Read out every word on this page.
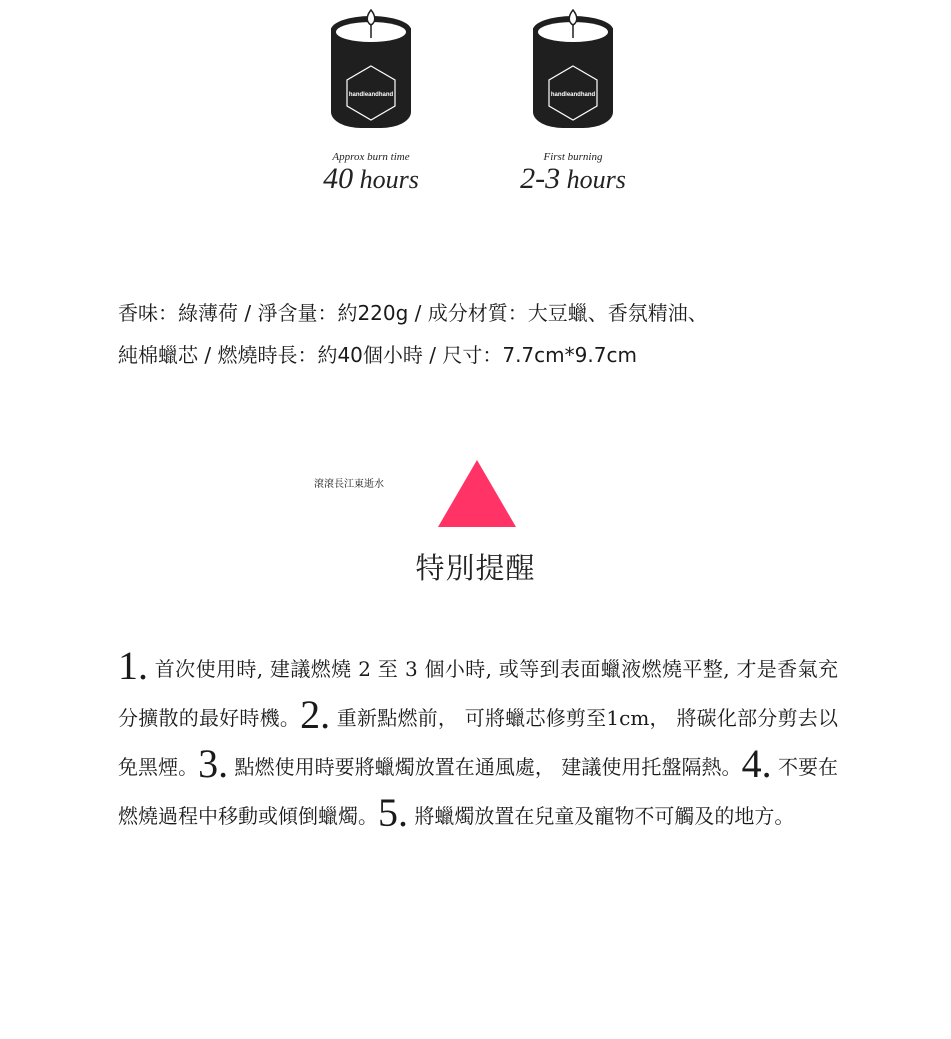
handleandhand
Approx burn time
40 hours
handleandhand
First burning
2-3 hours
香味：綠薄荷 / 淨含量：約220g / 成分材質：大豆蠟、香氛精油、
純棉蠟芯 / 燃燒時長：約40個小時 / 尺寸：7.7cm*9.7cm
滾滾長江東逝水
特別提醒
1. 首次使用時, 建議燃燒 2 至 3 個小時, 或等到表面蠟液燃燒平整, 才是香氣充分擴散的最好時機。2. 重新點燃前， 可將蠟芯修剪至1cm， 將碳化部分剪去以免黑煙。3. 點燃使用時要將蠟燭放置在通風處， 建議使用托盤隔熱。4. 不要在燃燒過程中移動或傾倒蠟燭。5. 將蠟燭放置在兒童及寵物不可觸及的地方。
